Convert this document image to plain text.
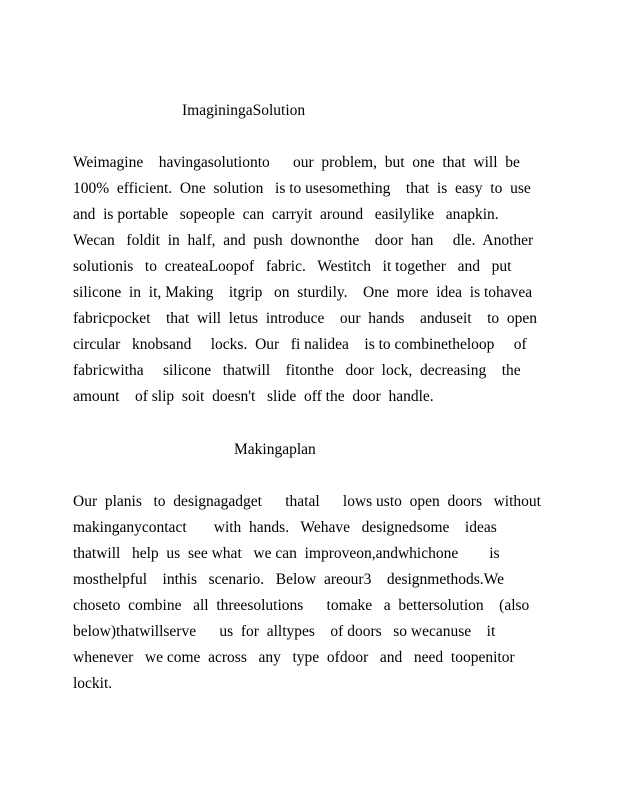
ImaginingaSolution
Weimagine    havingasolutionto      our  problem,  but  one  that  will  be
100%  efficient.  One  solution   is to usesomething    that  is  easy  to  use
and  is portable   sopeople  can  carryit  around   easilylike   anapkin.
Wecan   foldit  in  half,  and  push  downonthe    door  han     dle.  Another
solutionis   to  createaLoopof   fabric.   Westitch   it together   and   put
silicone  in  it, Making    itgrip   on  sturdily.    One  more  idea  is tohavea
fabricpocket    that  will  letus  introduce    our  hands    anduseit    to  open
circular   knobsand     locks.  Our   fi nalidea    is to combinetheloop     of
fabricwitha     silicone   thatwill    fitonthe   door  lock,  decreasing    the
amount    of slip  soit  doesn't   slide  off the  door  handle.
Makingaplan
Our  planis   to  designagadget      thatal      lows usto  open  doors   without
makinganycontact       with  hands.   Wehave   designedsome    ideas
thatwill   help  us  see what   we can  improveon,andwhichone        is
mosthelpful    inthis   scenario.   Below  areour3    designmethods.We
choseto  combine   all  threesolutions      tomake   a  bettersolution    (also
below)thatwillserve      us  for  alltypes    of doors   so wecanuse    it
whenever   we come  across   any   type  ofdoor   and   need  toopenitor
lockit.
